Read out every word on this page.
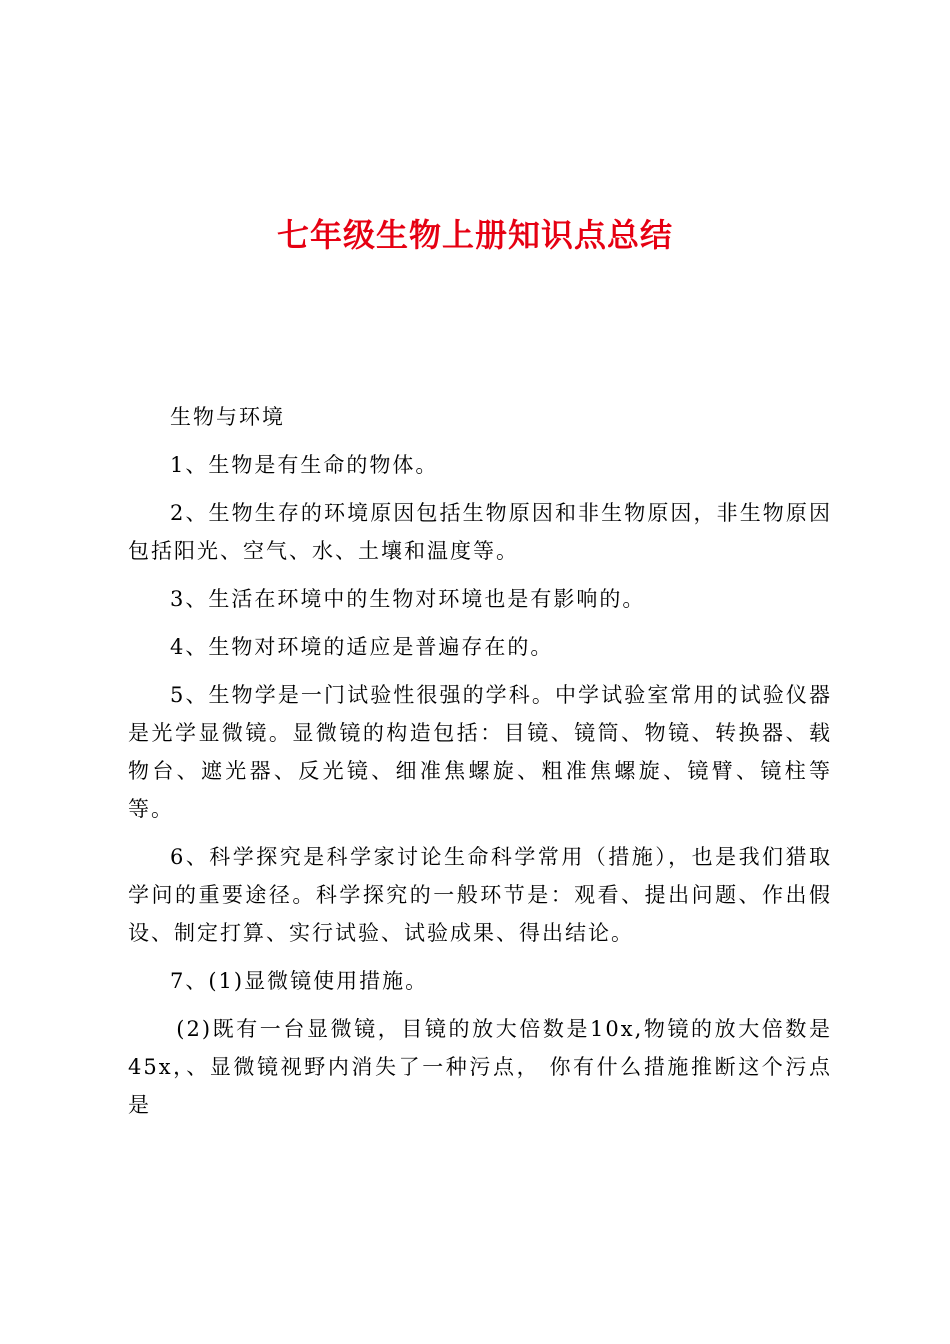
七年级生物上册知识点总结

生物与环境

1、生物是有生命的物体。

2、生物生存的环境原因包括生物原因和非生物原因，非生物原因包括阳光、空气、水、土壤和温度等。

3、生活在环境中的生物对环境也是有影响的。

4、生物对环境的适应是普遍存在的。

5、生物学是一门试验性很强的学科。中学试验室常用的试验仪器是光学显微镜。显微镜的构造包括：目镜、镜筒、物镜、转换器、载物台、遮光器、反光镜、细准焦螺旋、粗准焦螺旋、镜臂、镜柱等等。

6、科学探究是科学家讨论生命科学常用（措施），也是我们猎取学问的重要途径。科学探究的一般环节是：观看、提出问题、作出假设、制定打算、实行试验、试验成果、得出结论。

7、(1)显微镜使用措施。

(2)既有一台显微镜，目镜的放大倍数是10x,物镜的放大倍数是45x，、显微镜视野内消失了一种污点， 你有什么措施推断这个污点是
